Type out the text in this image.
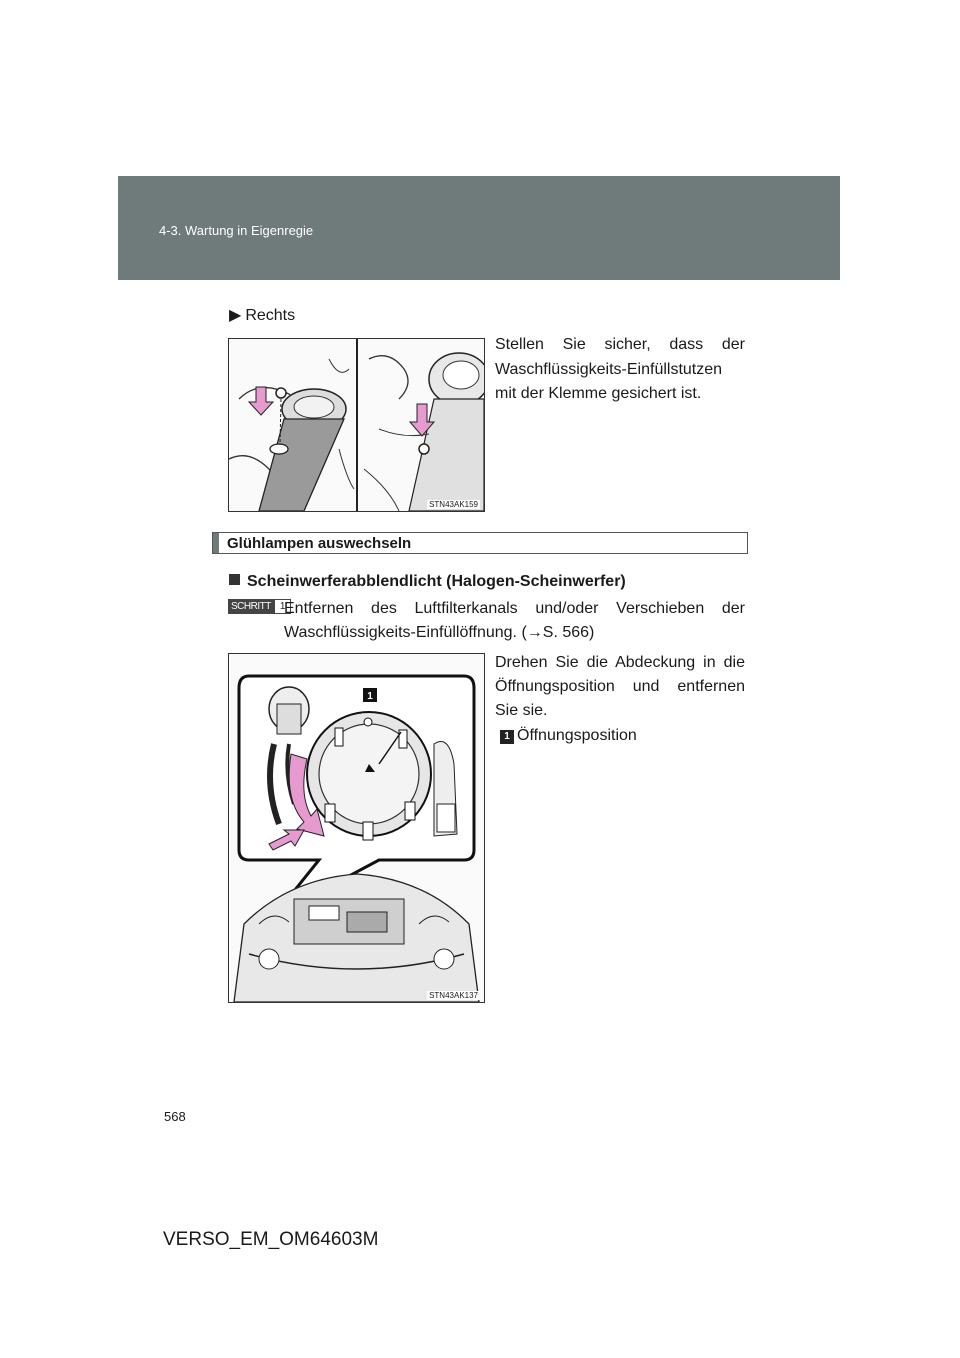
4-3. Wartung in Eigenregie
▶ Rechts
STN43AK159
Stellen Sie sicher, dass der Waschflüssigkeits-Einfüllstutzen mit der Klemme gesichert ist.
Glühlampen auswechseln
Scheinwerferabblendlicht (Halogen-Scheinwerfer)
SCHRITT 1
Entfernen des Luftfilterkanals und/oder Verschieben der Waschflüssigkeits-Einfüllöffnung. (→S. 566)
1
STN43AK137
Drehen Sie die Abdeckung in die Öffnungsposition und entfernen Sie sie.
1 Öffnungsposition
568
VERSO_EM_OM64603M
